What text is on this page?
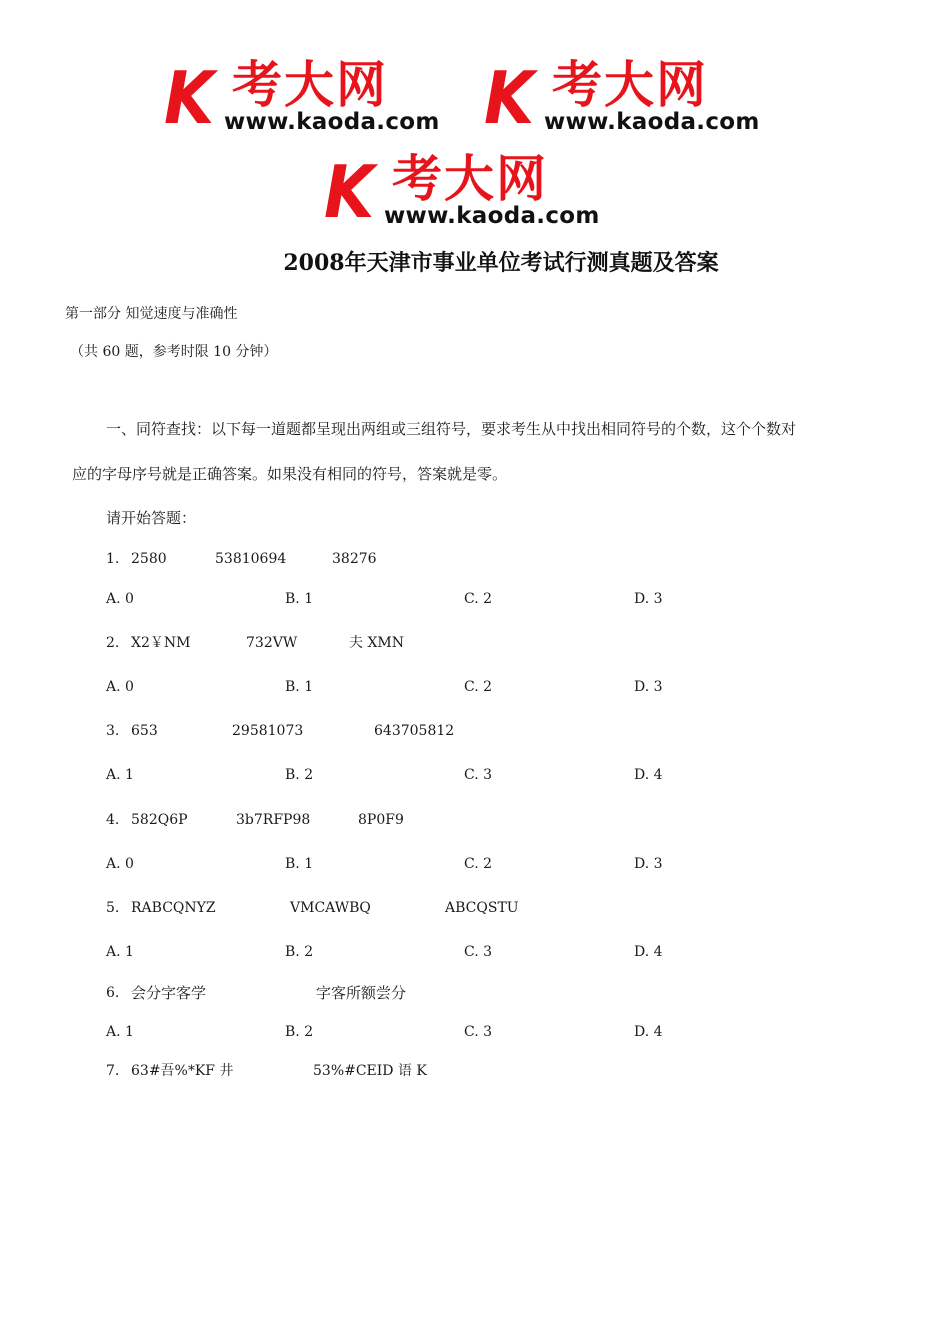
K 考大网
www.kaoda.com K 考大网
www.kaoda.com
K 考大网
www.kaoda.com
2008年天津市事业单位考试行测真题及答案
第一部分 知觉速度与准确性
（共 60 题，参考时限 10 分钟）
一、同符查找：以下每一道题都呈现出两组或三组符号，要求考生从中找出相同符号的个数，这个个数对
应的字母序号就是正确答案。如果没有相同的符号，答案就是零。
请开始答题：
1. 2580	53810694	38276
A. 0	B. 1	C. 2	D. 3
2. X2￥NM	732VW	夫 XMN
A. 0	B. 1	C. 2	D. 3
3. 653	29581073	643705812
A. 1	B. 2	C. 3	D. 4
4. 582Q6P	3b7RFP98	8P0F9
A. 0	B. 1	C. 2	D. 3
5. RABCQNYZ	VMCAWBQ	ABCQSTU
A. 1	B. 2	C. 3	D. 4
6. 会分字客学	字客所额尝分
A. 1	B. 2	C. 3	D. 4
7. 63#吾%*KF 井	53%#CEID 语 K
